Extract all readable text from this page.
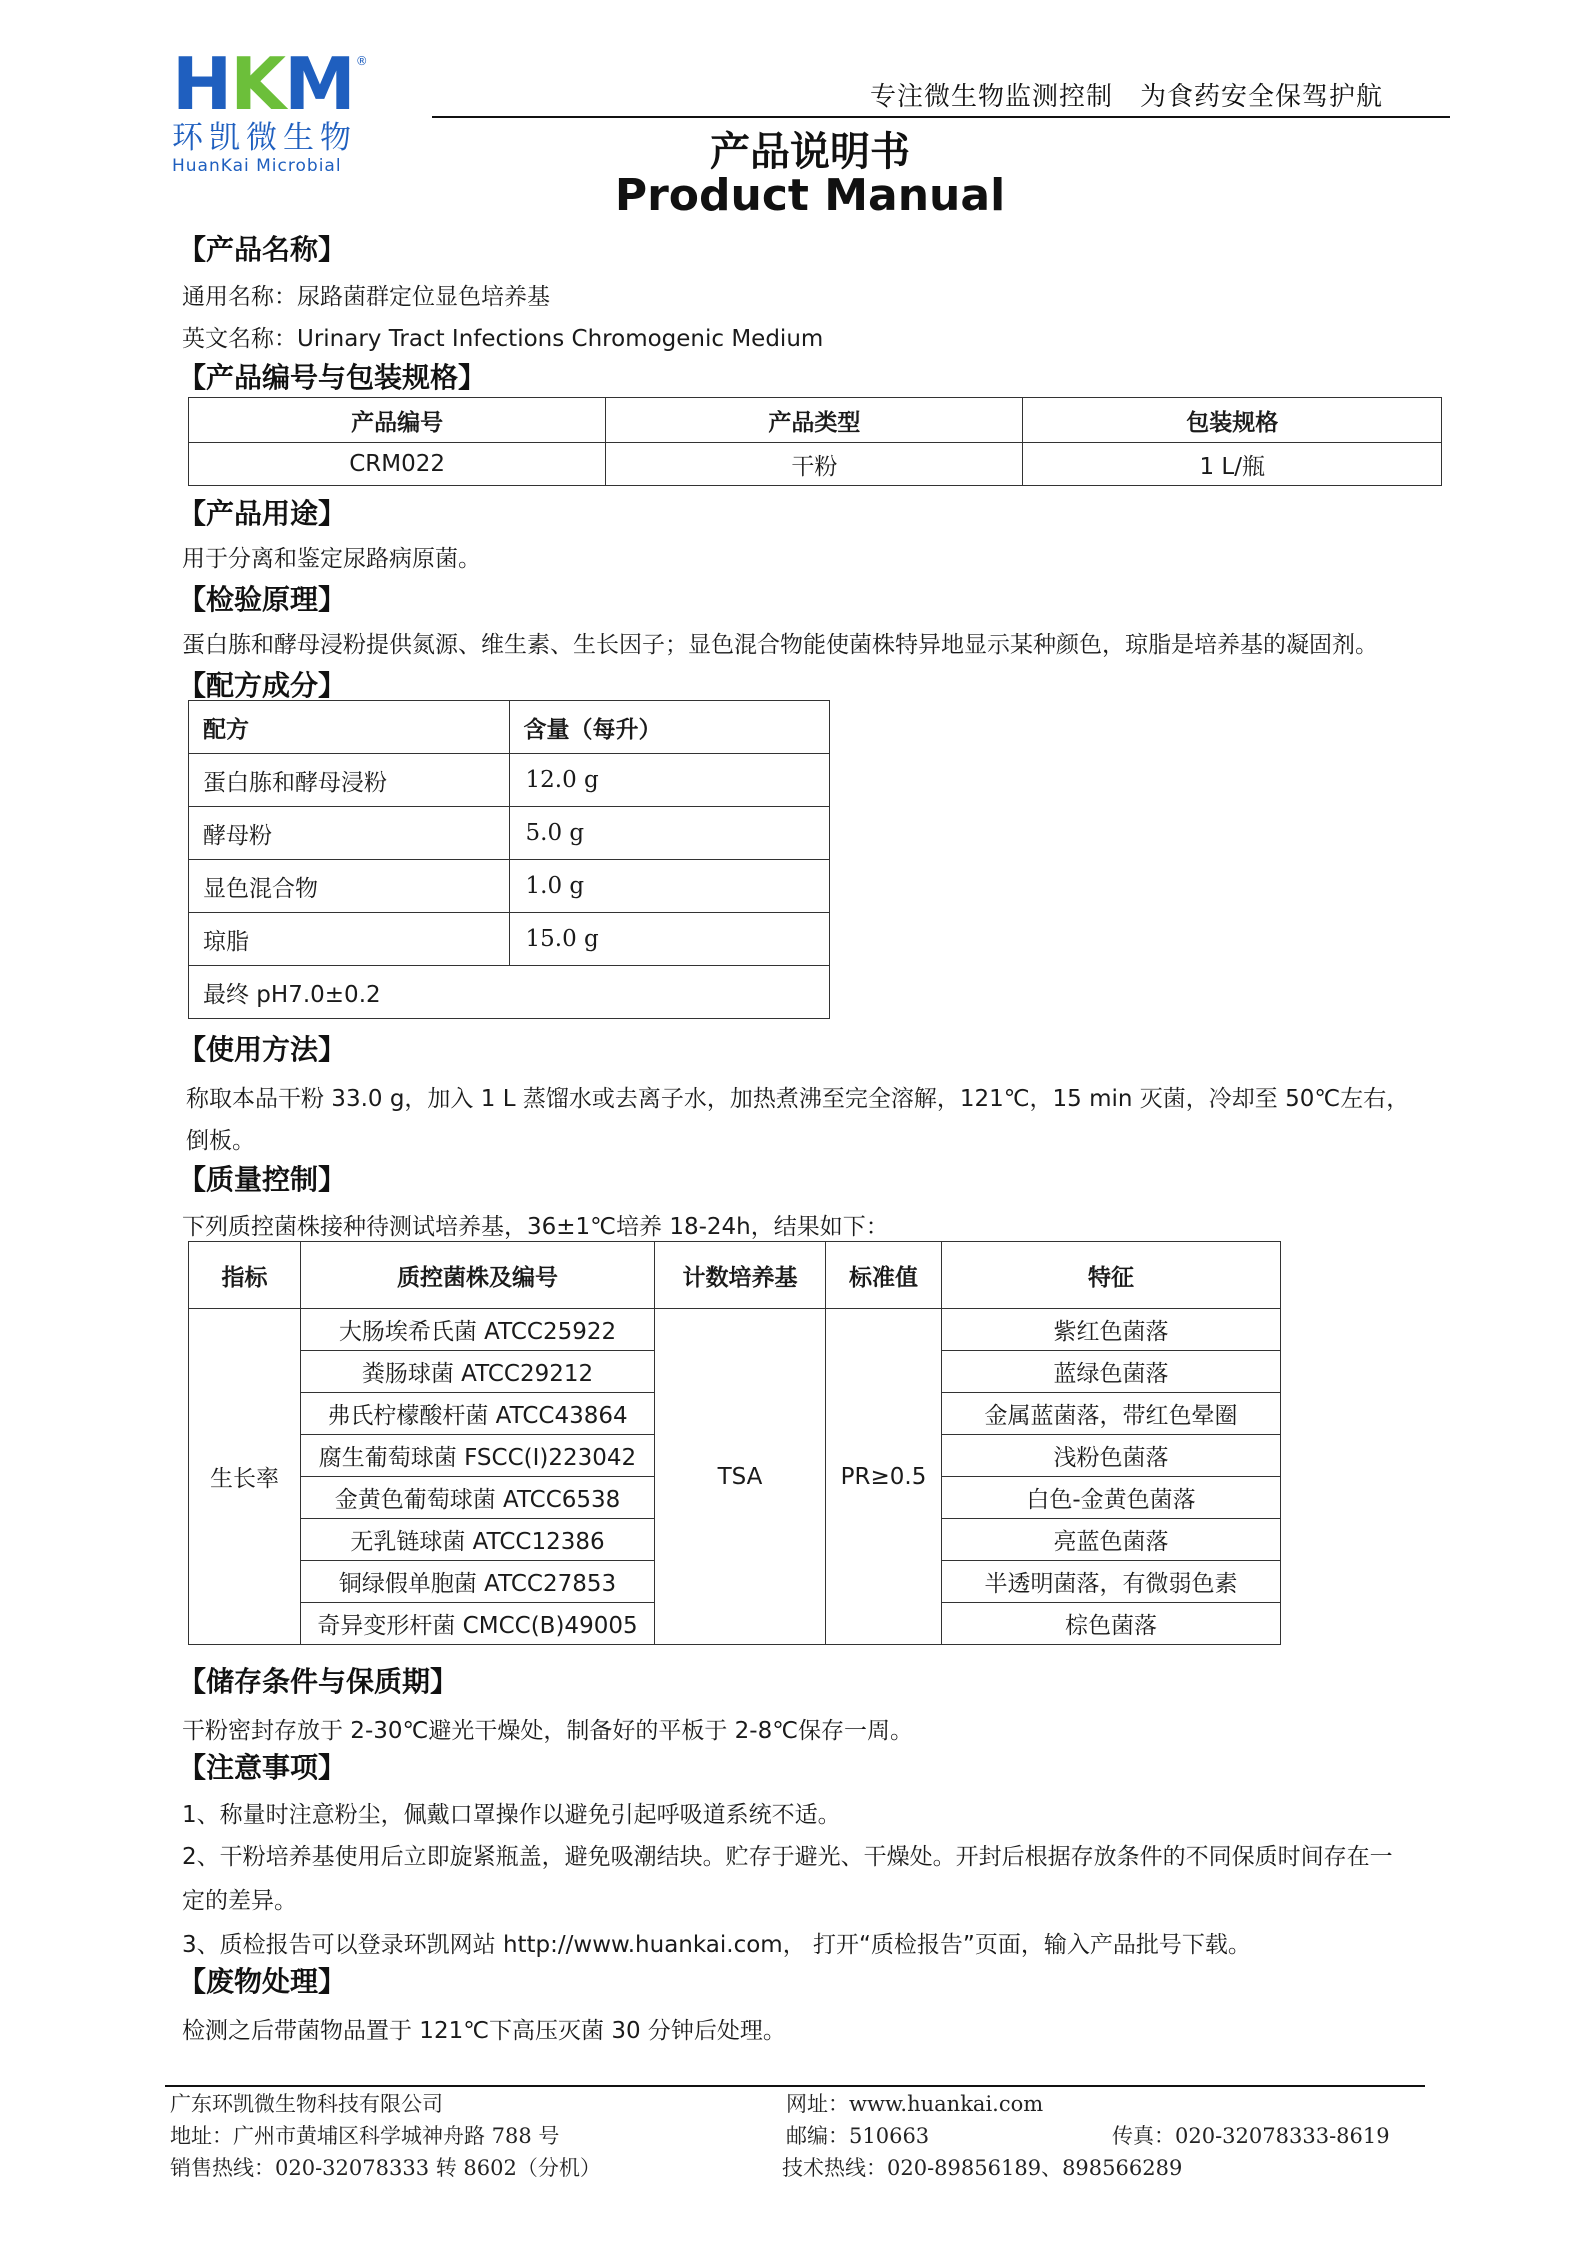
H K M ®
环凯微生物
HuanKai Microbial
专注微生物监测控制　为食药安全保驾护航
产品说明书
Product Manual
【产品名称】
通用名称：尿路菌群定位显色培养基
英文名称：Urinary Tract Infections Chromogenic Medium
【产品编号与包装规格】
产品编号	产品类型	包装规格
CRM022	干粉	1 L/瓶
【产品用途】
用于分离和鉴定尿路病原菌。
【检验原理】
蛋白胨和酵母浸粉提供氮源、维生素、生长因子；显色混合物能使菌株特异地显示某种颜色，琼脂是培养基的凝固剂。
【配方成分】
配方	含量（每升）
蛋白胨和酵母浸粉	12.0 g
酵母粉	5.0 g
显色混合物	1.0 g
琼脂	15.0 g
最终 pH7.0±0.2	
【使用方法】
称取本品干粉 33.0 g，加入 1 L 蒸馏水或去离子水，加热煮沸至完全溶解，121℃，15 min 灭菌，冷却至 50℃左右，
倒板。
【质量控制】
下列质控菌株接种待测试培养基，36±1℃培养 18-24h，结果如下：
指标	质控菌株及编号	计数培养基	标准值	特征
生长率	大肠埃希氏菌 ATCC25922	TSA	PR≥0.5	紫红色菌落
	粪肠球菌 ATCC29212			蓝绿色菌落
	弗氏柠檬酸杆菌 ATCC43864			金属蓝菌落，带红色晕圈
	腐生葡萄球菌 FSCC(I)223042			浅粉色菌落
	金黄色葡萄球菌 ATCC6538			白色-金黄色菌落
	无乳链球菌 ATCC12386			亮蓝色菌落
	铜绿假单胞菌 ATCC27853			半透明菌落，有微弱色素
	奇异变形杆菌 CMCC(B)49005			棕色菌落
【储存条件与保质期】
干粉密封存放于 2-30℃避光干燥处，制备好的平板于 2-8℃保存一周。
【注意事项】
1、称量时注意粉尘，佩戴口罩操作以避免引起呼吸道系统不适。
2、干粉培养基使用后立即旋紧瓶盖，避免吸潮结块。贮存于避光、干燥处。开封后根据存放条件的不同保质时间存在一
定的差异。
3、质检报告可以登录环凯网站 http://www.huankai.com， 打开“质检报告”页面，输入产品批号下载。
【废物处理】
检测之后带菌物品置于 121℃下高压灭菌 30 分钟后处理。
广东环凯微生物科技有限公司
地址：广州市黄埔区科学城神舟路 788 号
销售热线：020-32078333 转 8602（分机）
网址：www.huankai.com
邮编：510663	传真：020-32078333-8619
技术热线：020-89856189、898566289
